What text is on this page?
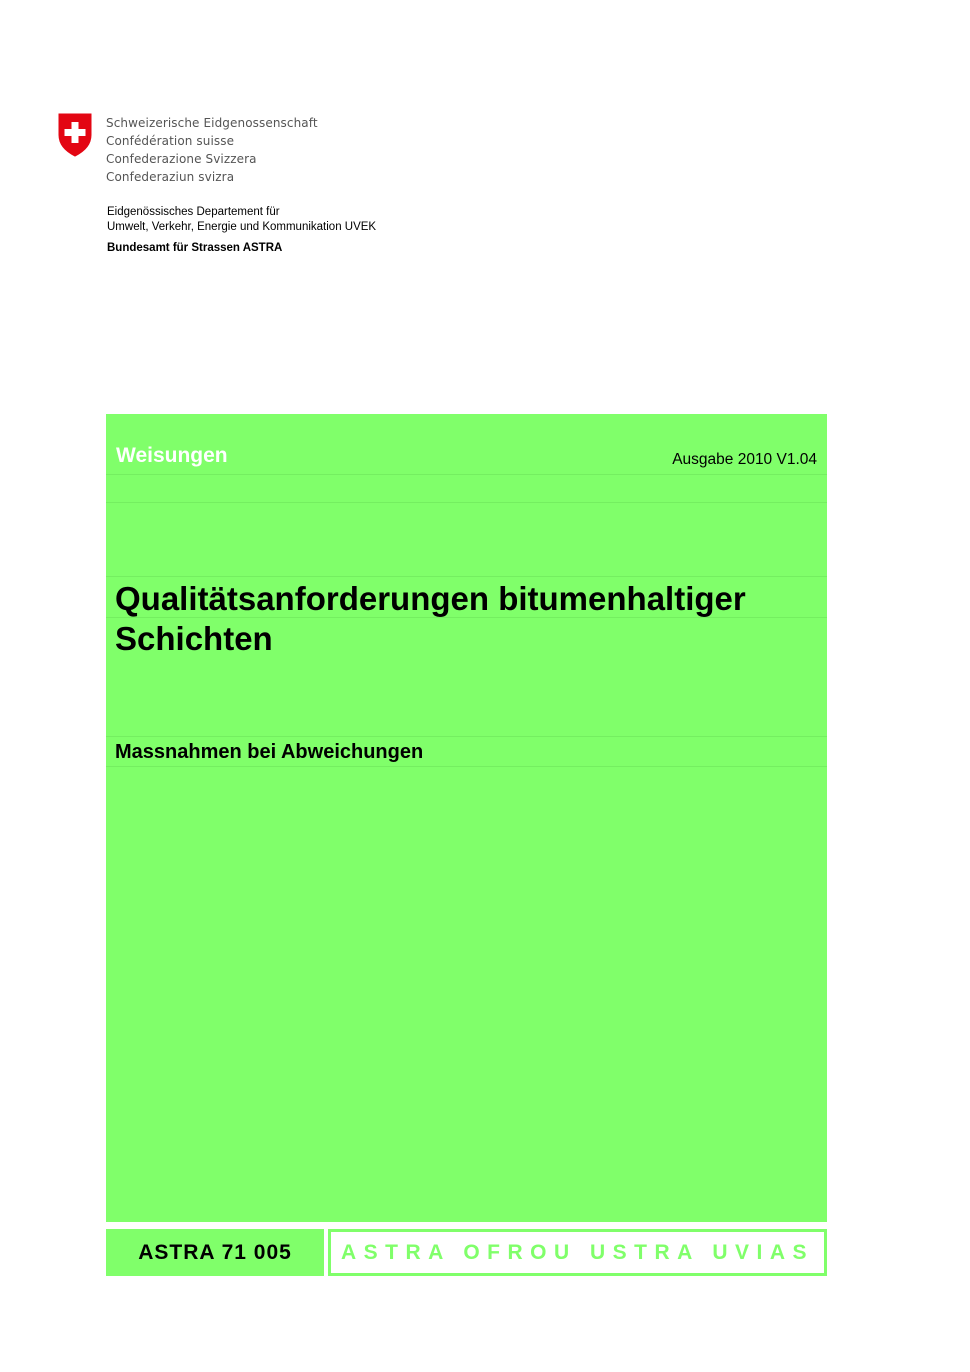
Schweizerische Eidgenossenschaft
Confédération suisse
Confederazione Svizzera
Confederaziun svizra
Eidgenössisches Departement für
Umwelt, Verkehr, Energie und Kommunikation UVEK
Bundesamt für Strassen ASTRA
Weisungen	Ausgabe 2010 V1.04
Qualitätsanforderungen bitumenhaltiger Schichten
Massnahmen bei Abweichungen
ASTRA 71 005	ASTRA OFROU USTRA UVIAS
